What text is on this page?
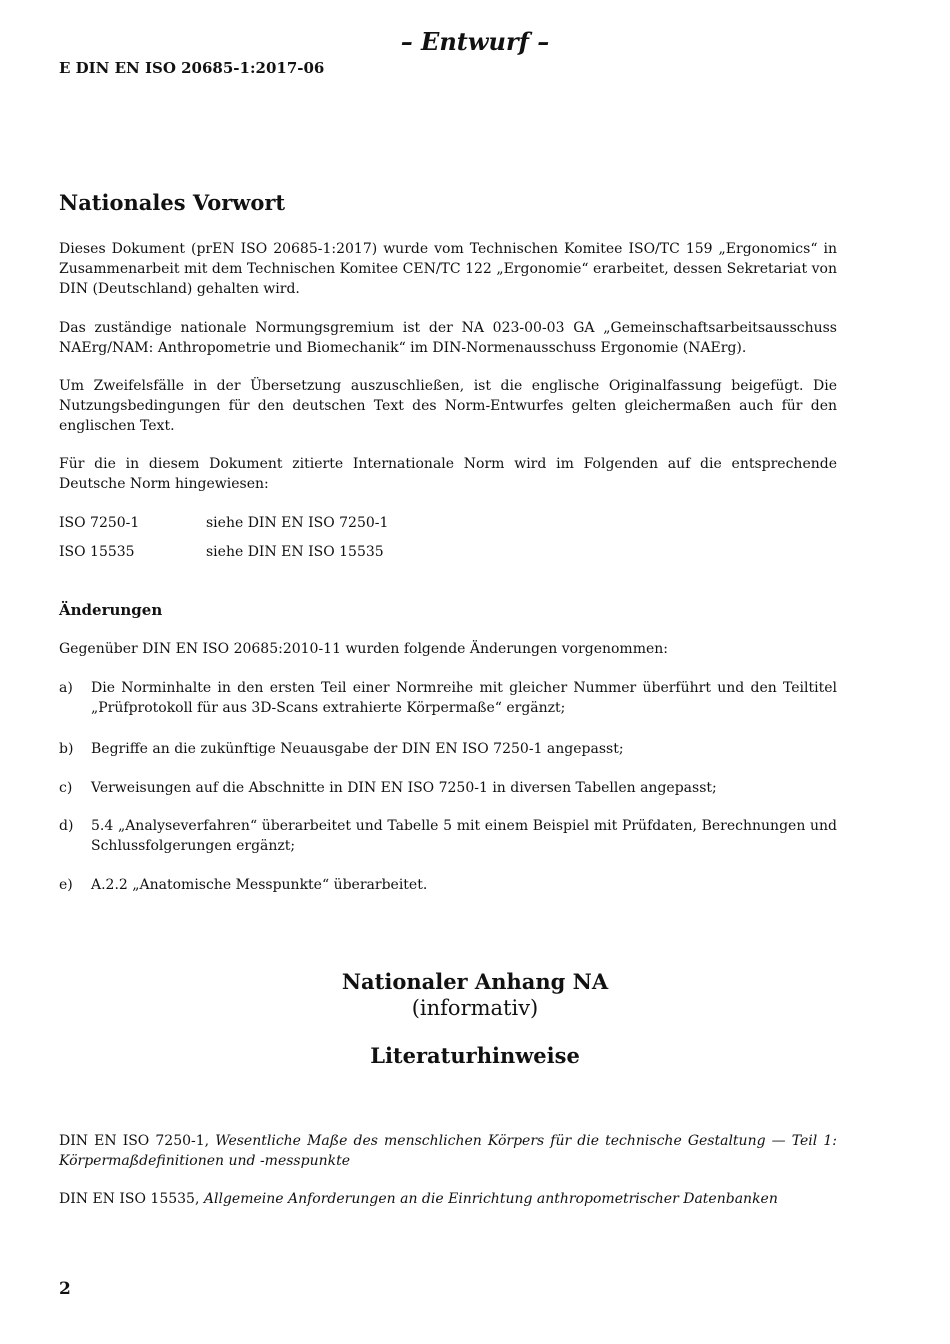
– Entwurf –
E DIN EN ISO 20685-1:2017-06
Nationales Vorwort
Dieses Dokument (prEN ISO 20685-1:2017) wurde vom Technischen Komitee ISO/TC 159 „Ergonomics“ in Zusammenarbeit mit dem Technischen Komitee CEN/TC 122 „Ergonomie“ erarbeitet, dessen Sekretariat von DIN (Deutschland) gehalten wird.
Das zuständige nationale Normungsgremium ist der NA 023-00-03 GA „Gemeinschaftsarbeitsausschuss NAErg/NAM: Anthropometrie und Biomechanik“ im DIN-Normenausschuss Ergonomie (NAErg).
Um Zweifelsfälle in der Übersetzung auszuschließen, ist die englische Originalfassung beigefügt. Die Nutzungsbedingungen für den deutschen Text des Norm-Entwurfes gelten gleichermaßen auch für den englischen Text.
Für die in diesem Dokument zitierte Internationale Norm wird im Folgenden auf die entsprechende Deutsche Norm hingewiesen:
ISO 7250-1	siehe DIN EN ISO 7250-1
ISO 15535	siehe DIN EN ISO 15535
Änderungen
Gegenüber DIN EN ISO 20685:2010-11 wurden folgende Änderungen vorgenommen:
a)	Die Norminhalte in den ersten Teil einer Normreihe mit gleicher Nummer überführt und den Teiltitel „Prüfprotokoll für aus 3D‑Scans extrahierte Körpermaße“ ergänzt;
b)	Begriffe an die zukünftige Neuausgabe der DIN EN ISO 7250-1 angepasst;
c)	Verweisungen auf die Abschnitte in DIN EN ISO 7250-1 in diversen Tabellen angepasst;
d)	5.4 „Analyseverfahren“ überarbeitet und Tabelle 5 mit einem Beispiel mit Prüfdaten, Berechnungen und Schlussfolgerungen ergänzt;
e)	A.2.2 „Anatomische Messpunkte“ überarbeitet.
Nationaler Anhang NA
(informativ)
Literaturhinweise
DIN EN ISO 7250-1, Wesentliche Maße des menschlichen Körpers für die technische Gestaltung — Teil 1: Körpermaßdefinitionen und -messpunkte
DIN EN ISO 15535, Allgemeine Anforderungen an die Einrichtung anthropometrischer Datenbanken
2
